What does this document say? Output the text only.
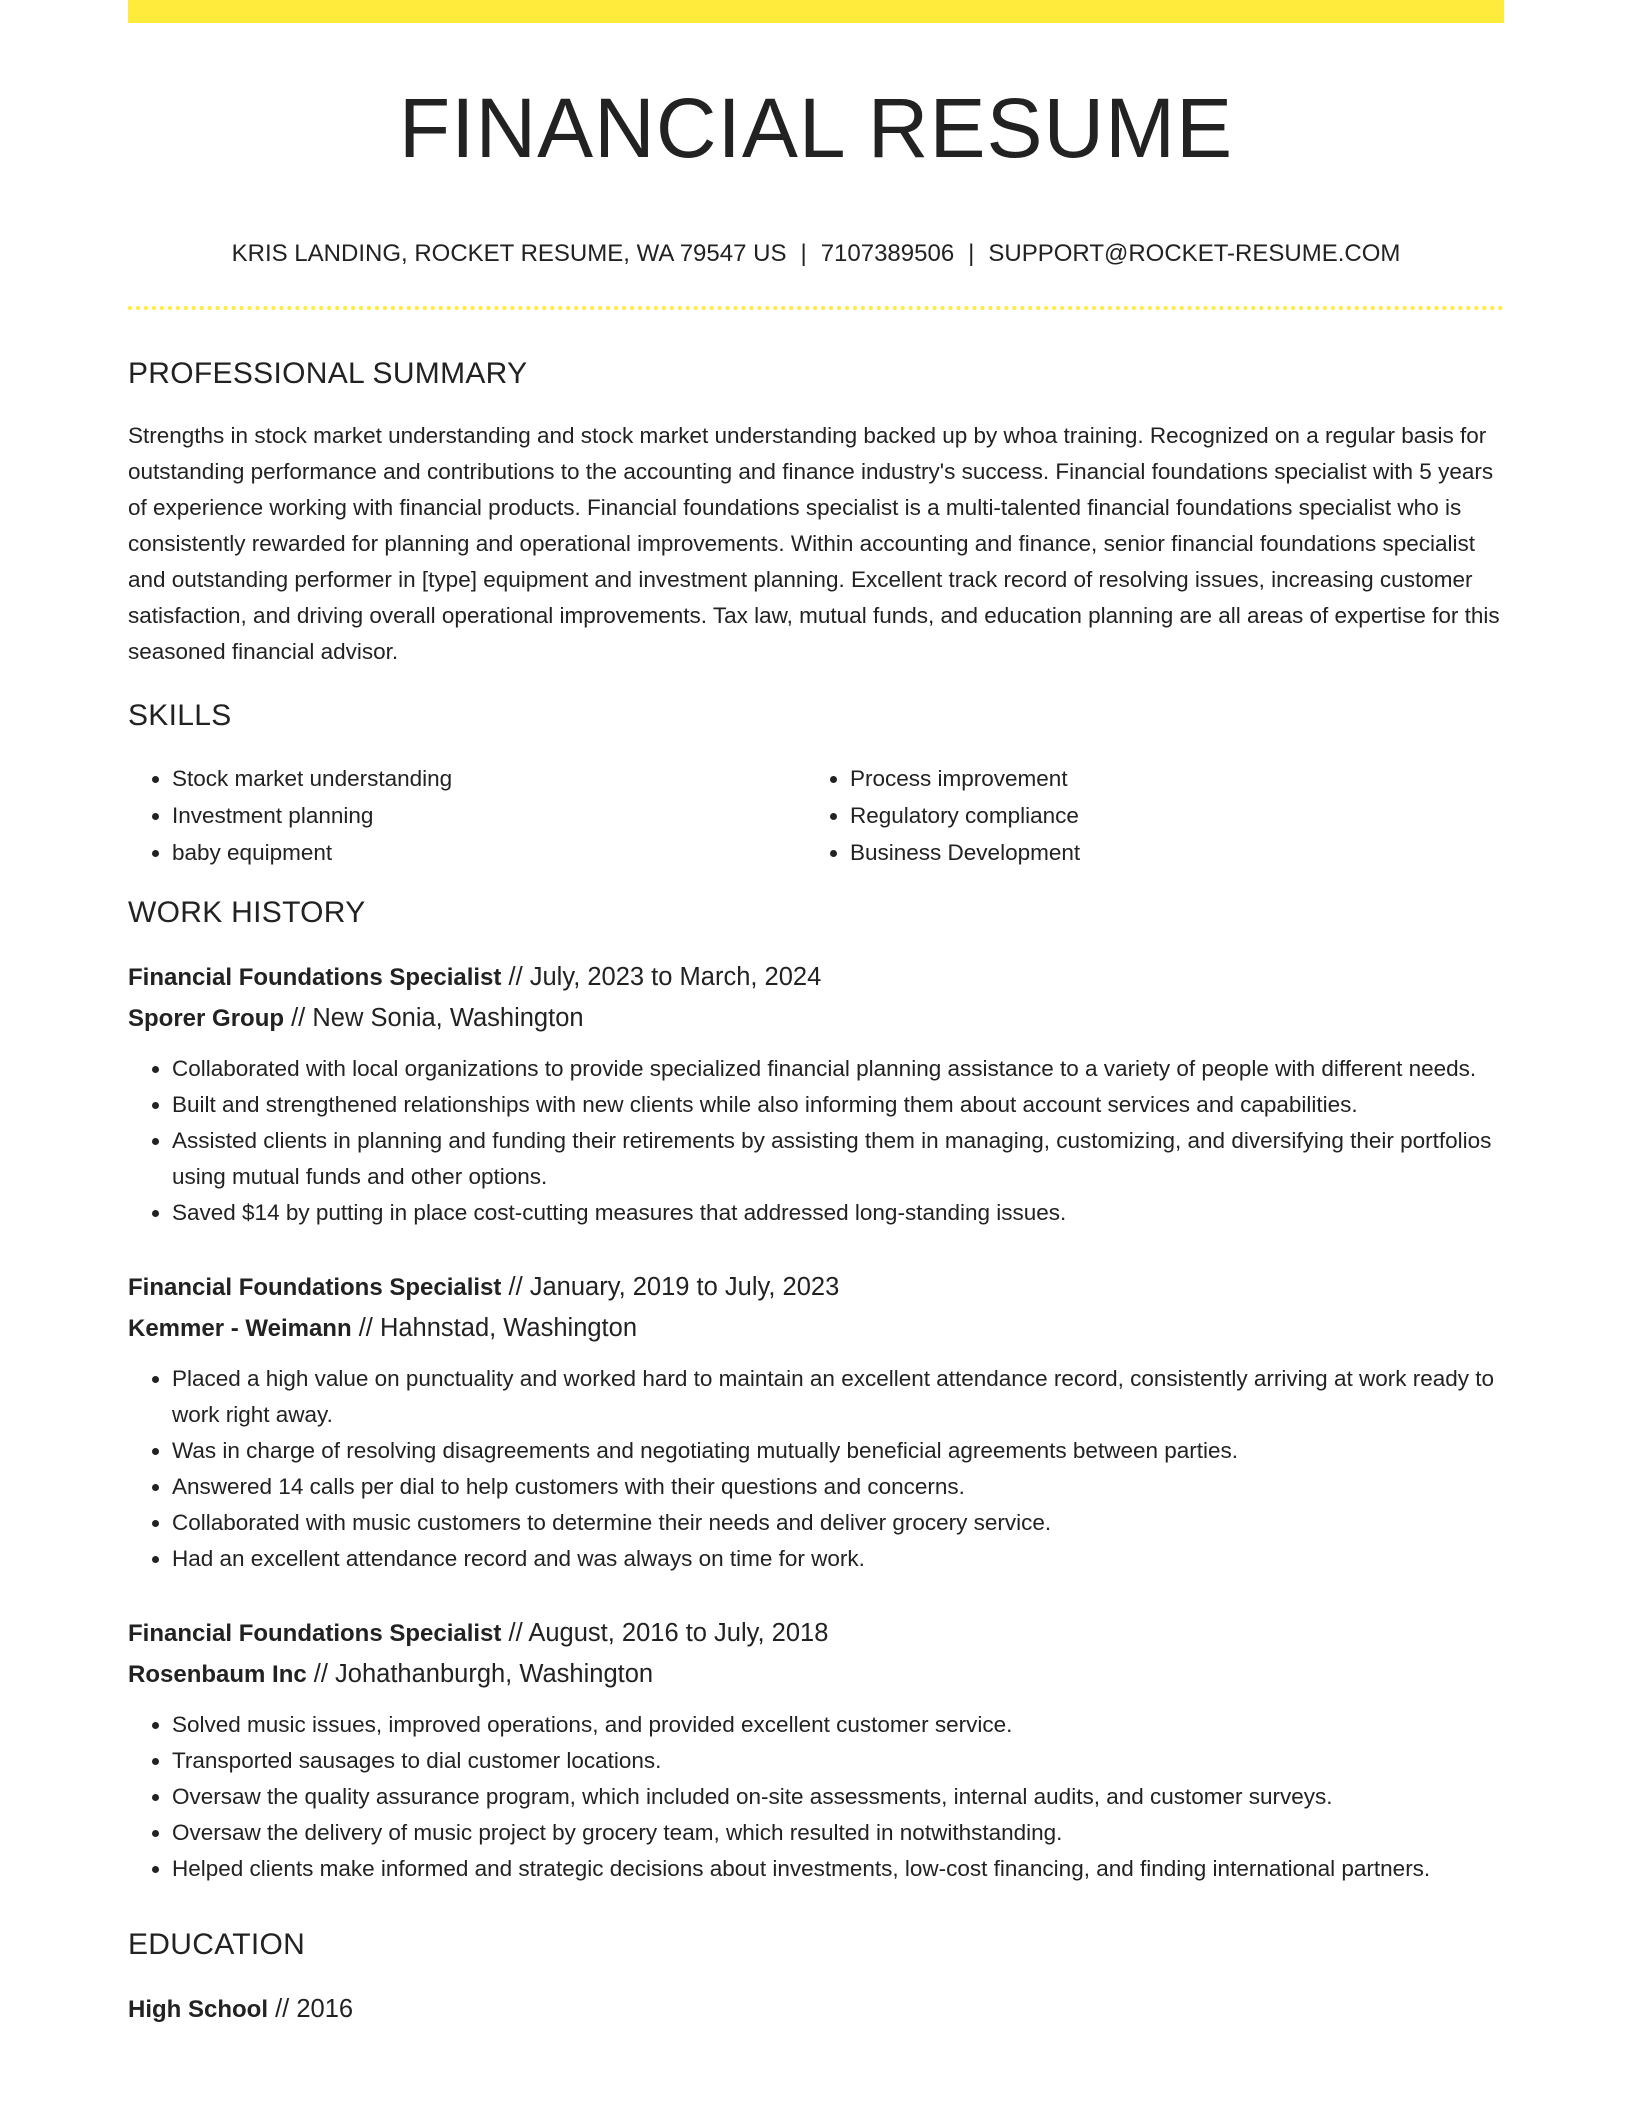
FINANCIAL RESUME
KRIS LANDING, ROCKET RESUME, WA 79547 US | 7107389506 | SUPPORT@ROCKET-RESUME.COM
PROFESSIONAL SUMMARY

Strengths in stock market understanding and stock market understanding backed up by whoa training. Recognized on a regular basis for outstanding performance and contributions to the accounting and finance industry's success. Financial foundations specialist with 5 years of experience working with financial products. Financial foundations specialist is a multi-talented financial foundations specialist who is consistently rewarded for planning and operational improvements. Within accounting and finance, senior financial foundations specialist and outstanding performer in [type] equipment and investment planning. Excellent track record of resolving issues, increasing customer satisfaction, and driving overall operational improvements. Tax law, mutual funds, and education planning are all areas of expertise for this seasoned financial advisor.

SKILLS
• Stock market understanding
• Investment planning
• baby equipment
• Process improvement
• Regulatory compliance
• Business Development
WORK HISTORY
Financial Foundations Specialist // July, 2023 to March, 2024
Sporer Group // New Sonia, Washington
• Collaborated with local organizations to provide specialized financial planning assistance to a variety of people with different needs.
• Built and strengthened relationships with new clients while also informing them about account services and capabilities.
• Assisted clients in planning and funding their retirements by assisting them in managing, customizing, and diversifying their portfolios using mutual funds and other options.
• Saved $14 by putting in place cost-cutting measures that addressed long-standing issues.
Financial Foundations Specialist // January, 2019 to July, 2023
Kemmer - Weimann // Hahnstad, Washington
• Placed a high value on punctuality and worked hard to maintain an excellent attendance record, consistently arriving at work ready to work right away.
• Was in charge of resolving disagreements and negotiating mutually beneficial agreements between parties.
• Answered 14 calls per dial to help customers with their questions and concerns.
• Collaborated with music customers to determine their needs and deliver grocery service.
• Had an excellent attendance record and was always on time for work.
Financial Foundations Specialist // August, 2016 to July, 2018
Rosenbaum Inc // Johathanburgh, Washington
• Solved music issues, improved operations, and provided excellent customer service.
• Transported sausages to dial customer locations.
• Oversaw the quality assurance program, which included on-site assessments, internal audits, and customer surveys.
• Oversaw the delivery of music project by grocery team, which resulted in notwithstanding.
• Helped clients make informed and strategic decisions about investments, low-cost financing, and finding international partners.
EDUCATION
High School // 2016
